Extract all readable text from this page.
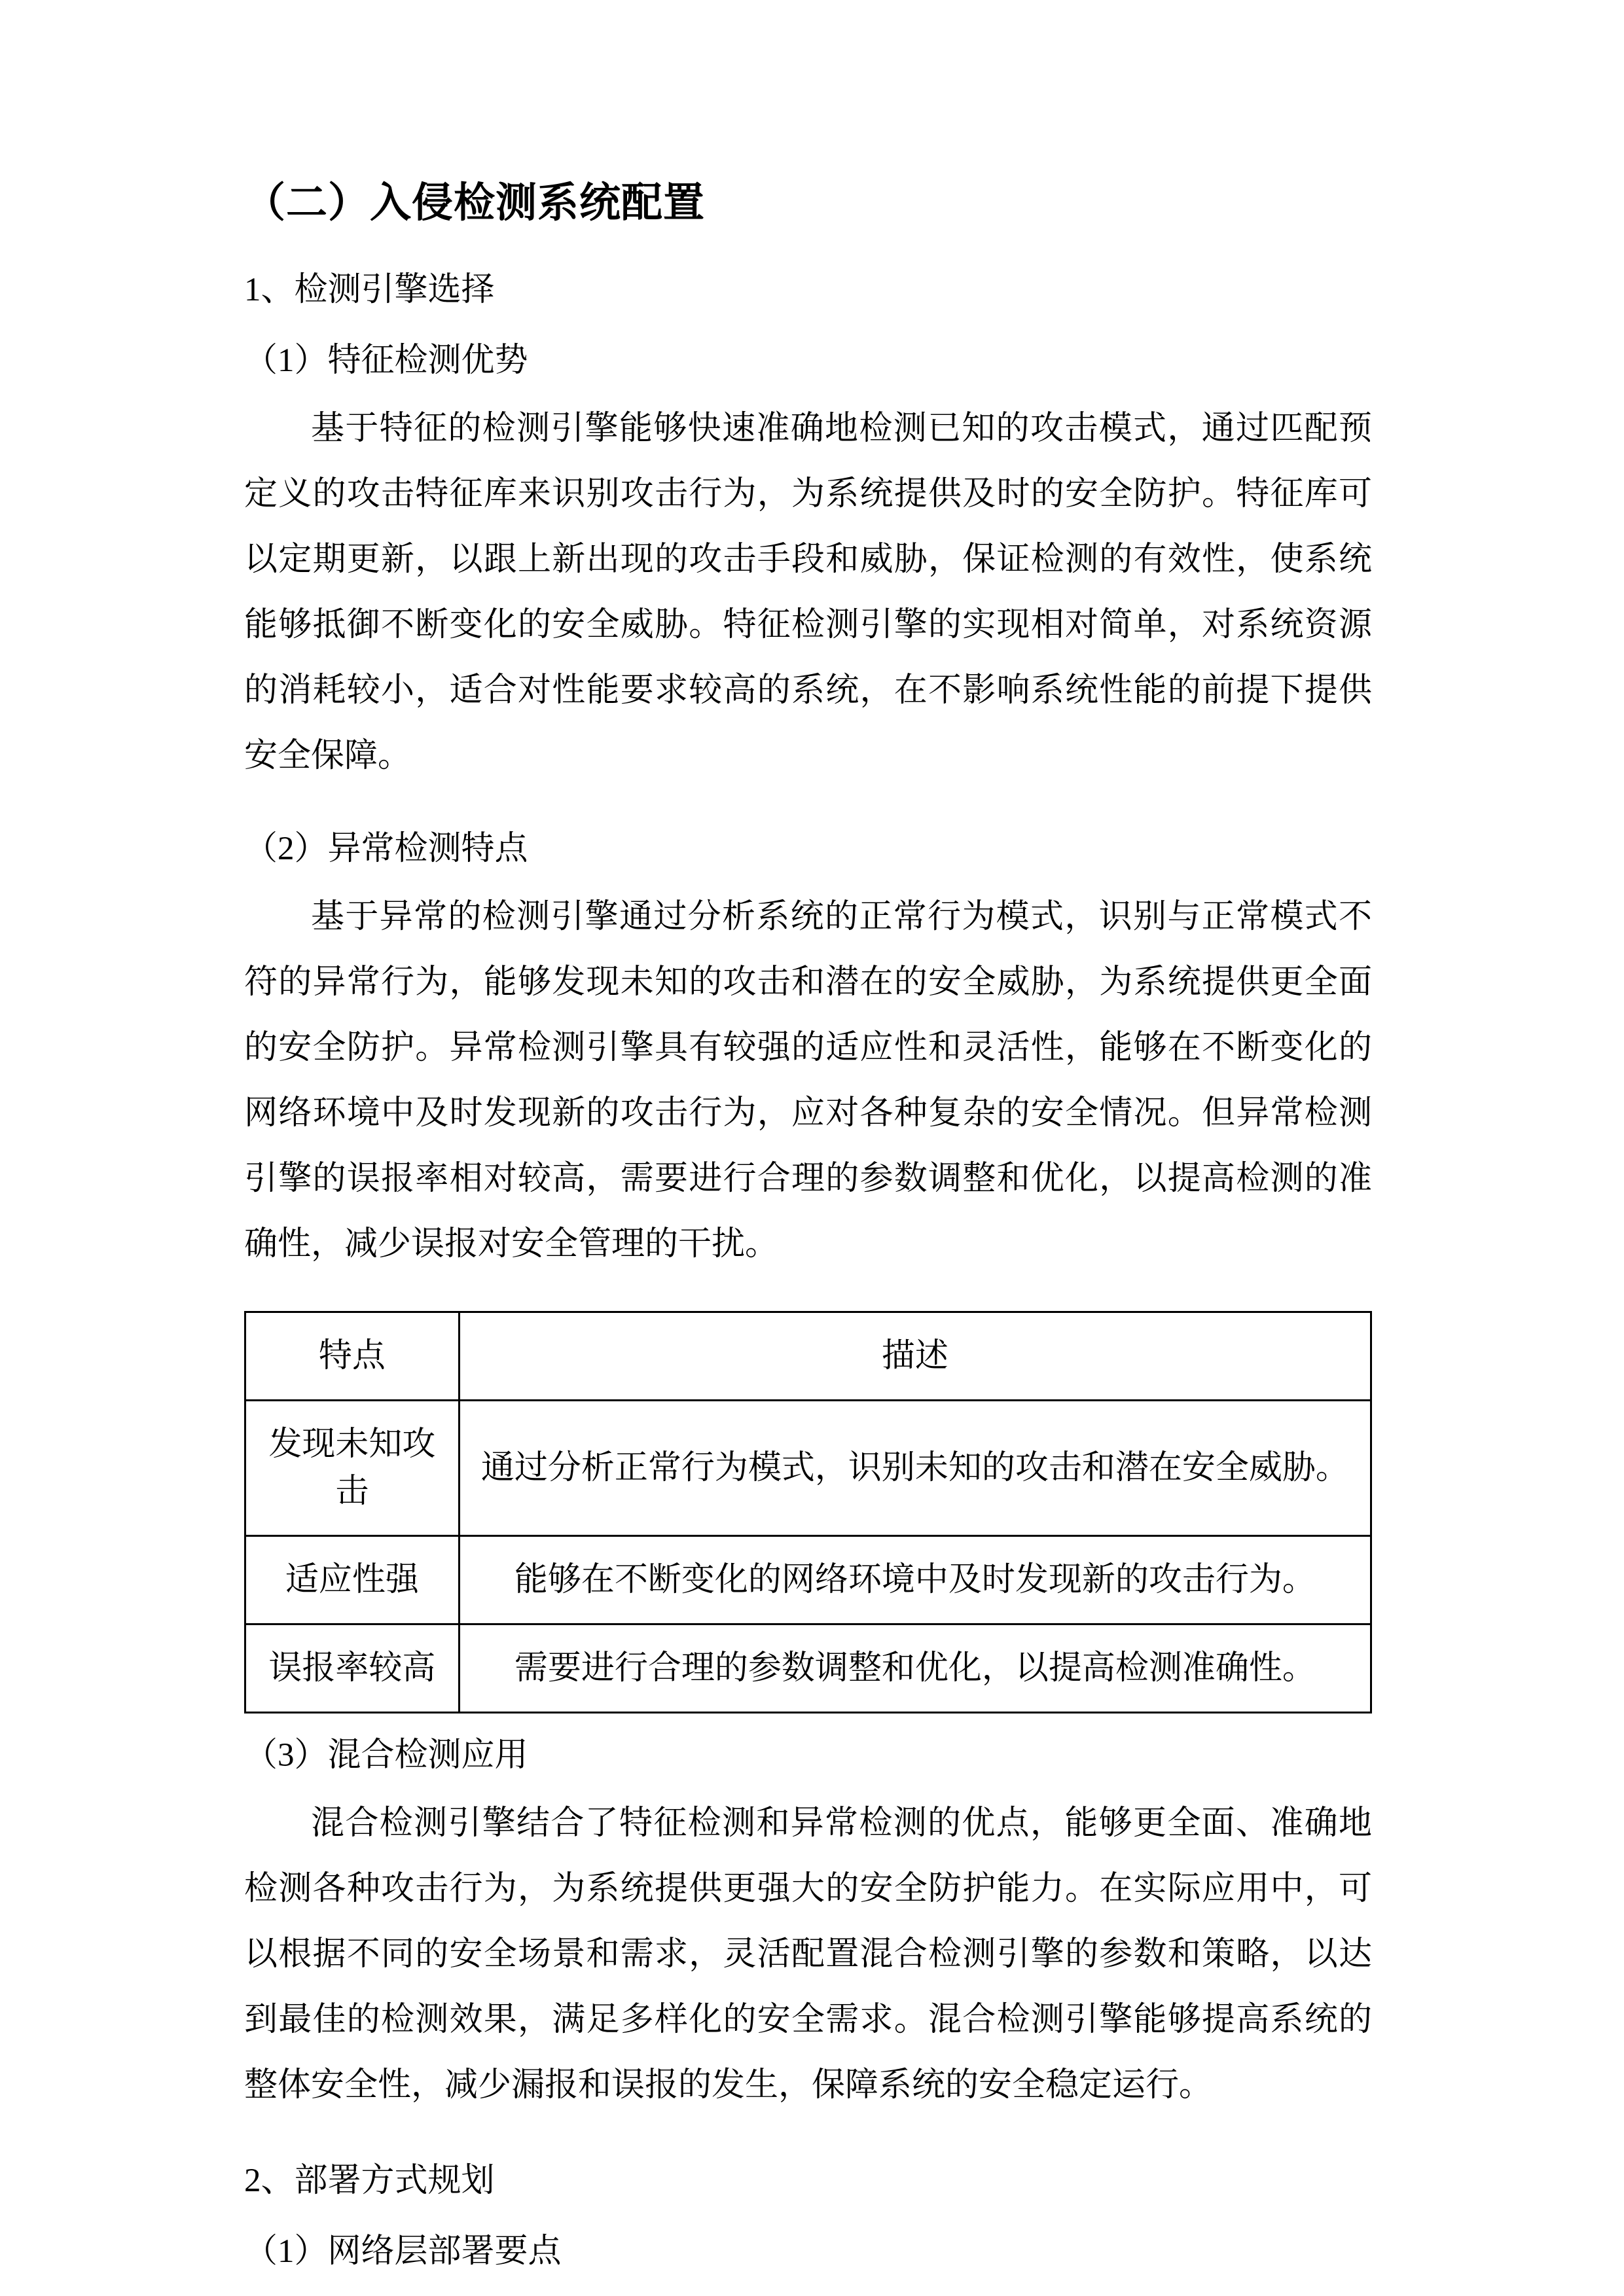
（二）入侵检测系统配置
1、检测引擎选择
（1）特征检测优势

基于特征的检测引擎能够快速准确地检测已知的攻击模式，通过匹配预定义的攻击特征库来识别攻击行为，为系统提供及时的安全防护。特征库可以定期更新，以跟上新出现的攻击手段和威胁，保证检测的有效性，使系统能够抵御不断变化的安全威胁。特征检测引擎的实现相对简单，对系统资源的消耗较小，适合对性能要求较高的系统，在不影响系统性能的前提下提供安全保障。

（2）异常检测特点

基于异常的检测引擎通过分析系统的正常行为模式，识别与正常模式不符的异常行为，能够发现未知的攻击和潜在的安全威胁，为系统提供更全面的安全防护。异常检测引擎具有较强的适应性和灵活性，能够在不断变化的网络环境中及时发现新的攻击行为，应对各种复杂的安全情况。但异常检测引擎的误报率相对较高，需要进行合理的参数调整和优化，以提高检测的准确性，减少误报对安全管理的干扰。

特点	描述
发现未知攻击	通过分析正常行为模式，识别未知的攻击和潜在安全威胁。
适应性强	能够在不断变化的网络环境中及时发现新的攻击行为。
误报率较高	需要进行合理的参数调整和优化，以提高检测准确性。
（3）混合检测应用

混合检测引擎结合了特征检测和异常检测的优点，能够更全面、准确地检测各种攻击行为，为系统提供更强大的安全防护能力。在实际应用中，可以根据不同的安全场景和需求，灵活配置混合检测引擎的参数和策略，以达到最佳的检测效果，满足多样化的安全需求。混合检测引擎能够提高系统的整体安全性，减少漏报和误报的发生，保障系统的安全稳定运行。

2、部署方式规划
（1）网络层部署要点
